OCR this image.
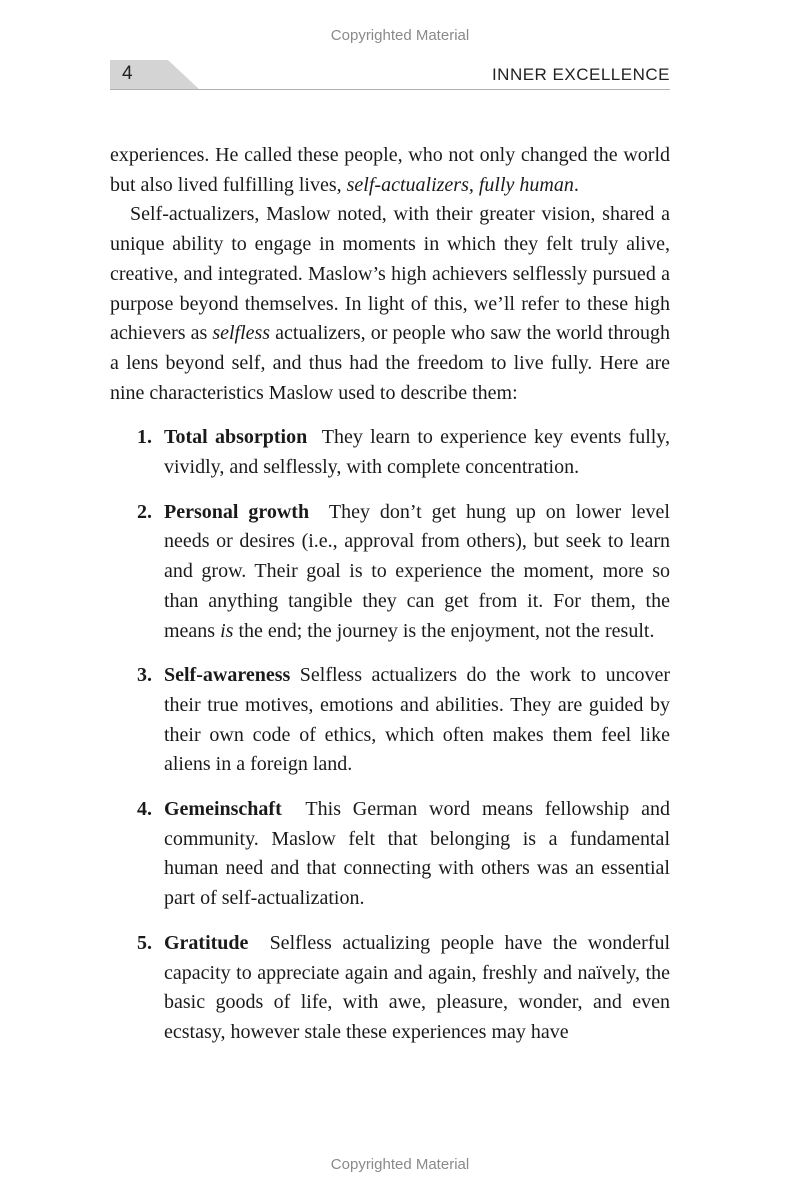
Copyrighted Material
4	INNER EXCELLENCE

experiences. He called these people, who not only changed the world but also lived fulfilling lives, self-actualizers, fully human.

Self-actualizers, Maslow noted, with their greater vision, shared a unique ability to engage in moments in which they felt truly alive, creative, and integrated. Maslow’s high achievers selflessly pursued a purpose beyond themselves. In light of this, we’ll refer to these high achievers as selfless actualizers, or people who saw the world through a lens beyond self, and thus had the freedom to live fully. Here are nine characteristics Maslow used to describe them:

1. Total absorption They learn to experience key events fully, vividly, and selflessly, with complete concentration.
2. Personal growth They don’t get hung up on lower level needs or desires (i.e., approval from others), but seek to learn and grow. Their goal is to experience the moment, more so than anything tangible they can get from it. For them, the means is the end; the journey is the enjoyment, not the result.
3. Self-awareness Selfless actualizers do the work to uncover their true motives, emotions and abilities. They are guided by their own code of ethics, which often makes them feel like aliens in a foreign land.
4. Gemeinschaft This German word means fellowship and community. Maslow felt that belonging is a fundamental human need and that connecting with others was an essential part of self-actualization.
5. Gratitude Selfless actualizing people have the wonderful capacity to appreciate again and again, freshly and naïvely, the basic goods of life, with awe, pleasure, wonder, and even ecstasy, however stale these experiences may have
Copyrighted Material
